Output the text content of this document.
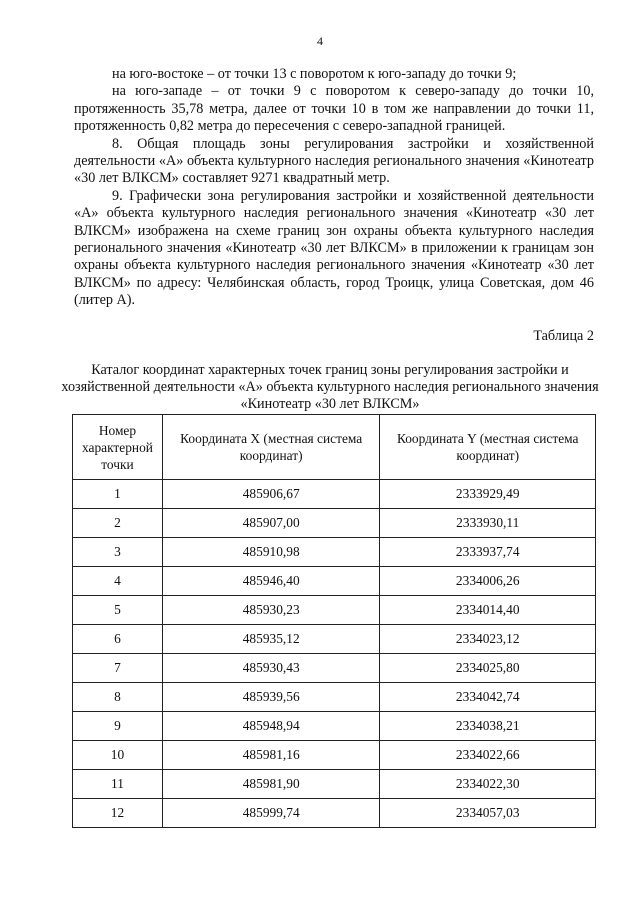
4

на юго-востоке – от точки 13 с поворотом к юго-западу до точки 9;

на юго-западе – от точки 9 с поворотом к северо-западу до точки 10, протяженность 35,78 метра, далее от точки 10 в том же направлении до точки 11, протяженность 0,82 метра до пересечения с северо-западной границей.

8. Общая площадь зоны регулирования застройки и хозяйственной деятельности «А» объекта культурного наследия регионального значения «Кинотеатр «30 лет ВЛКСМ» составляет 9271 квадратный метр.

9. Графически зона регулирования застройки и хозяйственной деятельности «А» объекта культурного наследия регионального значения «Кинотеатр «30 лет ВЛКСМ» изображена на схеме границ зон охраны объекта культурного наследия регионального значения «Кинотеатр «30 лет ВЛКСМ» в приложении к границам зон охраны объекта культурного наследия регионального значения «Кинотеатр «30 лет ВЛКСМ» по адресу: Челябинская область, город Троицк, улица Советская, дом 46 (литер А).

Таблица 2
Каталог координат характерных точек границ зоны регулирования застройки и хозяйственной деятельности «А» объекта культурного наследия регионального значения «Кинотеатр «30 лет ВЛКСМ»
Номер характерной точки	Координата X (местная система координат)	Координата Y (местная система координат)
1	485906,67	2333929,49
2	485907,00	2333930,11
3	485910,98	2333937,74
4	485946,40	2334006,26
5	485930,23	2334014,40
6	485935,12	2334023,12
7	485930,43	2334025,80
8	485939,56	2334042,74
9	485948,94	2334038,21
10	485981,16	2334022,66
11	485981,90	2334022,30
12	485999,74	2334057,03
